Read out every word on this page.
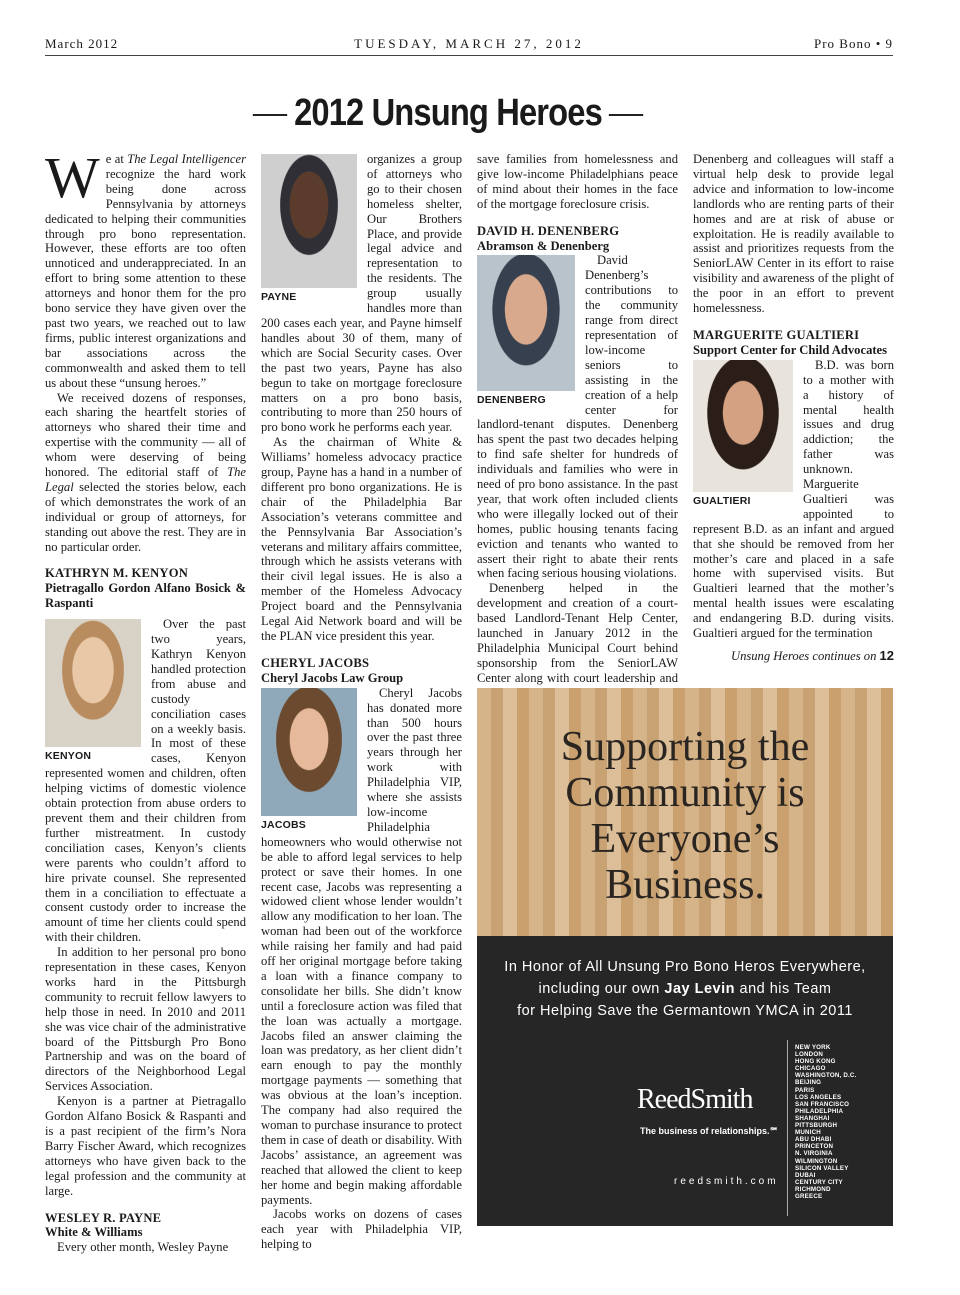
March 2012	TUESDAY, MARCH 27, 2012	Pro Bono • 9
2012 Unsung Heroes

We at The Legal Intelligencer recognize the hard work being done across Pennsylvania by attorneys dedicated to helping their communities through pro bono representation. However, these efforts are too often unnoticed and underappreciated. In an effort to bring some attention to these attorneys and honor them for the pro bono service they have given over the past two years, we reached out to law firms, public interest organizations and bar associations across the commonwealth and asked them to tell us about these “unsung heroes.”

We received dozens of responses, each sharing the heartfelt stories of attorneys who shared their time and expertise with the community — all of whom were deserving of being honored. The editorial staff of The Legal selected the stories below, each of which demonstrates the work of an individual or group of attorneys, for standing out above the rest. They are in no particular order.

KATHRYN M. KENYON
Pietragallo Gordon Alfano Bosick & Raspanti
KENYON

Over the past two years, Kathryn Kenyon handled protection from abuse and custody conciliation cases on a weekly basis. In most of these cases, Kenyon represented women and children, often helping victims of domestic violence obtain protection from abuse orders to prevent them and their children from further mistreatment. In custody conciliation cases, Kenyon’s clients were parents who couldn’t afford to hire private counsel. She represented them in a conciliation to effectuate a consent custody order to increase the amount of time her clients could spend with their children.

In addition to her personal pro bono representation in these cases, Kenyon works hard in the Pittsburgh community to recruit fellow lawyers to help those in need. In 2010 and 2011 she was vice chair of the administrative board of the Pittsburgh Pro Bono Partnership and was on the board of directors of the Neighborhood Legal Services Association.

Kenyon is a partner at Pietragallo Gordon Alfano Bosick & Raspanti and is a past recipient of the firm’s Nora Barry Fischer Award, which recognizes attorneys who have given back to the legal profession and the community at large.

WESLEY R. PAYNE
White & Williams

Every other month, Wesley Payne

PAYNE

organizes a group of attorneys who go to their chosen homeless shelter, Our Brothers Place, and provide legal advice and representation to the residents. The group usually handles more than 200 cases each year, and Payne himself handles about 30 of them, many of which are Social Security cases. Over the past two years, Payne has also begun to take on mortgage foreclosure matters on a pro bono basis, contributing to more than 250 hours of pro bono work he performs each year.

As the chairman of White & Williams’ homeless advocacy practice group, Payne has a hand in a number of different pro bono organizations. He is chair of the Philadelphia Bar Association’s veterans committee and the Pennsylvania Bar Association’s veterans and military affairs committee, through which he assists veterans with their civil legal issues. He is also a member of the Homeless Advocacy Project board and the Pennsylvania Legal Aid Network board and will be the PLAN vice president this year.

CHERYL JACOBS
Cheryl Jacobs Law Group
JACOBS

Cheryl Jacobs has donated more than 500 hours over the past three years through her work with Philadelphia VIP, where she assists low-income Philadelphia homeowners who would otherwise not be able to afford legal services to help protect or save their homes. In one recent case, Jacobs was representing a widowed client whose lender wouldn’t allow any modification to her loan. The woman had been out of the workforce while raising her family and had paid off her original mortgage before taking a loan with a finance company to consolidate her bills. She didn’t know until a foreclosure action was filed that the loan was actually a mortgage. Jacobs filed an answer claiming the loan was predatory, as her client didn’t earn enough to pay the monthly mortgage payments — something that was obvious at the loan’s inception. The company had also required the woman to purchase insurance to protect them in case of death or disability. With Jacobs’ assistance, an agreement was reached that allowed the client to keep her home and begin making affordable payments.

Jacobs works on dozens of cases each year with Philadelphia VIP, helping to

save families from homelessness and give low-income Philadelphians peace of mind about their homes in the face of the mortgage foreclosure crisis.

DAVID H. DENENBERG
Abramson & Denenberg
DENENBERG

David Denenberg’s contributions to the community range from direct representation of low-income seniors to assisting in the creation of a help center for landlord-tenant disputes. Denenberg has spent the past two decades helping to find safe shelter for hundreds of individuals and families who were in need of pro bono assistance. In the past year, that work often included clients who were illegally locked out of their homes, public housing tenants facing eviction and tenants who wanted to assert their right to abate their rents when facing serious housing violations.

Denenberg helped in the development and creation of a court-based Landlord-Tenant Help Center, launched in January 2012 in the Philadelphia Municipal Court behind sponsorship from the SeniorLAW Center along with court leadership and

Denenberg and colleagues will staff a virtual help desk to provide legal advice and information to low-income landlords who are renting parts of their homes and are at risk of abuse or exploitation. He is readily available to assist and prioritizes requests from the SeniorLAW Center in its effort to raise visibility and awareness of the plight of the poor in an effort to prevent homelessness.

MARGUERITE GUALTIERI
Support Center for Child Advocates
GUALTIERI

B.D. was born to a mother with a history of mental health issues and drug addiction; the father was unknown. Marguerite Gualtieri was appointed to represent B.D. as an infant and argued that she should be removed from her mother’s care and placed in a safe home with supervised visits. But Gualtieri learned that the mother’s mental health issues were escalating and endangering B.D. during visits. Gualtieri argued for the termination

Unsung Heroes continues on 12
Supporting the
Community is
Everyone’s
Business.
In Honor of All Unsung Pro Bono Heros Everywhere,
including our own Jay Levin and his Team
for Helping Save the Germantown YMCA in 2011
ReedSmith
The business of relationships.℠
reedsmith.com
NEW YORK
LONDON
HONG KONG
CHICAGO
WASHINGTON, D.C.
BEIJING
PARIS
LOS ANGELES
SAN FRANCISCO
PHILADELPHIA
SHANGHAI
PITTSBURGH
MUNICH
ABU DHABI
PRINCETON
N. VIRGINIA
WILMINGTON
SILICON VALLEY
DUBAI
CENTURY CITY
RICHMOND
GREECE
